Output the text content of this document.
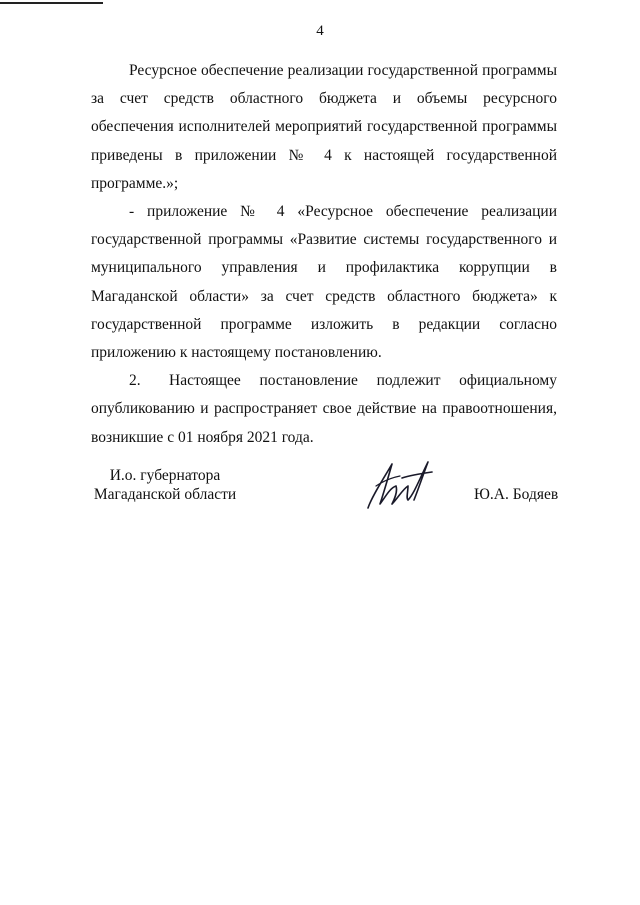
4

Ресурсное обеспечение реализации государственной программы за счет средств областного бюджета и объемы ресурсного обеспечения исполнителей мероприятий государственной программы приведены в приложении № 4 к настоящей государственной программе.»;

- приложение № 4 «Ресурсное обеспечение реализации государственной программы «Развитие системы государственного и муниципального управления и профилактика коррупции в Магаданской области» за счет средств областного бюджета» к государственной программе изложить в редакции согласно приложению к настоящему постановлению.

2. Настоящее постановление подлежит официальному опубликованию и распространяет свое действие на правоотношения, возникшие с 01 ноября 2021 года.

И.о. губернатора
Магаданской области	Ю.А. Бодяев
